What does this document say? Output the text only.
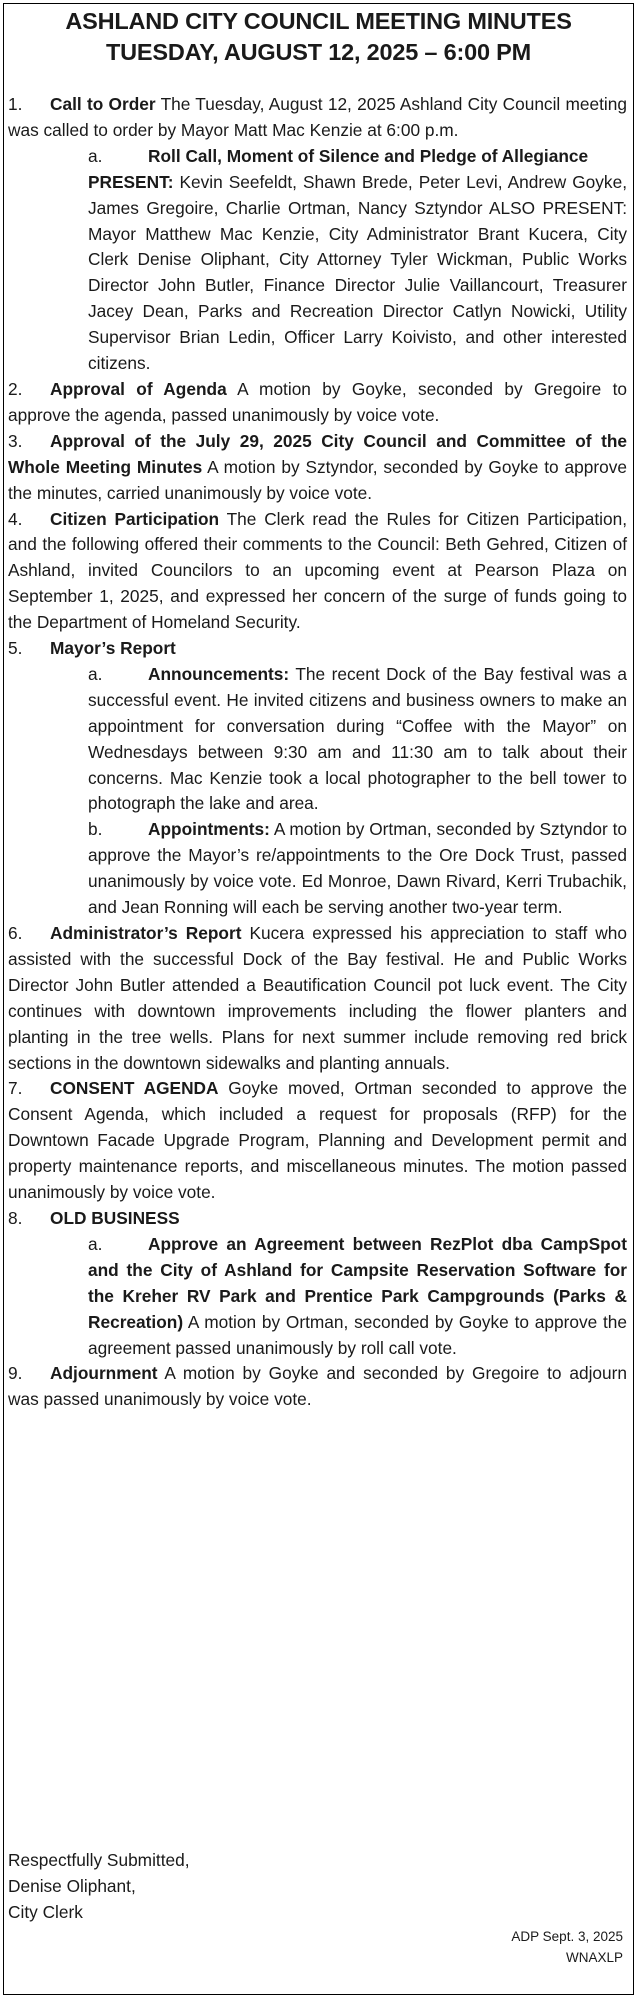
ASHLAND CITY COUNCIL MEETING MINUTES
TUESDAY, AUGUST 12, 2025 – 6:00 PM

1. Call to Order The Tuesday, August 12, 2025 Ashland City Council meeting was called to order by Mayor Matt Mac Kenzie at 6:00 p.m.

a.	Roll Call, Moment of Silence and Pledge of Allegiance
PRESENT: Kevin Seefeldt, Shawn Brede, Peter Levi, Andrew Goyke, James Gregoire, Charlie Ortman, Nancy Sztyndor ALSO PRESENT: Mayor Matthew Mac Kenzie, City Administrator Brant Kucera, City Clerk Denise Oliphant, City Attorney Tyler Wickman, Public Works Director John Butler, Finance Director Julie Vaillancourt, Treasurer Jacey Dean, Parks and Recreation Director Catlyn Nowicki, Utility Supervisor Brian Ledin, Officer Larry Koivisto, and other interested citizens.

2. Approval of Agenda A motion by Goyke, seconded by Gregoire to approve the agenda, passed unanimously by voice vote.

3. Approval of the July 29, 2025 City Council and Committee of the Whole Meeting Minutes A motion by Sztyndor, seconded by Goyke to approve the minutes, carried unanimously by voice vote.

4. Citizen Participation The Clerk read the Rules for Citizen Participation, and the following offered their comments to the Council: Beth Gehred, Citizen of Ashland, invited Councilors to an upcoming event at Pearson Plaza on September 1, 2025, and expressed her concern of the surge of funds going to the Department of Homeland Security.

5. Mayor’s Report

a.	Announcements: The recent Dock of the Bay festival was a successful event. He invited citizens and business owners to make an appointment for conversation during “Coffee with the Mayor” on Wednesdays between 9:30 am and 11:30 am to talk about their concerns. Mac Kenzie took a local photographer to the bell tower to photograph the lake and area.

b.	Appointments: A motion by Ortman, seconded by Sztyndor to approve the Mayor’s re/appointments to the Ore Dock Trust, passed unanimously by voice vote. Ed Monroe, Dawn Rivard, Kerri Trubachik, and Jean Ronning will each be serving another two-year term.

6. Administrator’s Report Kucera expressed his appreciation to staff who assisted with the successful Dock of the Bay festival. He and Public Works Director John Butler attended a Beautification Council pot luck event. The City continues with downtown improvements including the flower planters and planting in the tree wells. Plans for next summer include removing red brick sections in the downtown sidewalks and planting annuals.

7. CONSENT AGENDA Goyke moved, Ortman seconded to approve the Consent Agenda, which included a request for proposals (RFP) for the Downtown Facade Upgrade Program, Planning and Development permit and property maintenance reports, and miscellaneous minutes. The motion passed unanimously by voice vote.

8. OLD BUSINESS

a.	Approve an Agreement between RezPlot dba CampSpot and the City of Ashland for Campsite Reservation Software for the Kreher RV Park and Prentice Park Campgrounds (Parks & Recreation) A motion by Ortman, seconded by Goyke to approve the agreement passed unanimously by roll call vote.

9. Adjournment A motion by Goyke and seconded by Gregoire to adjourn was passed unanimously by voice vote.

Respectfully Submitted,
Denise Oliphant,
City Clerk
ADP Sept. 3, 2025
WNAXLP
